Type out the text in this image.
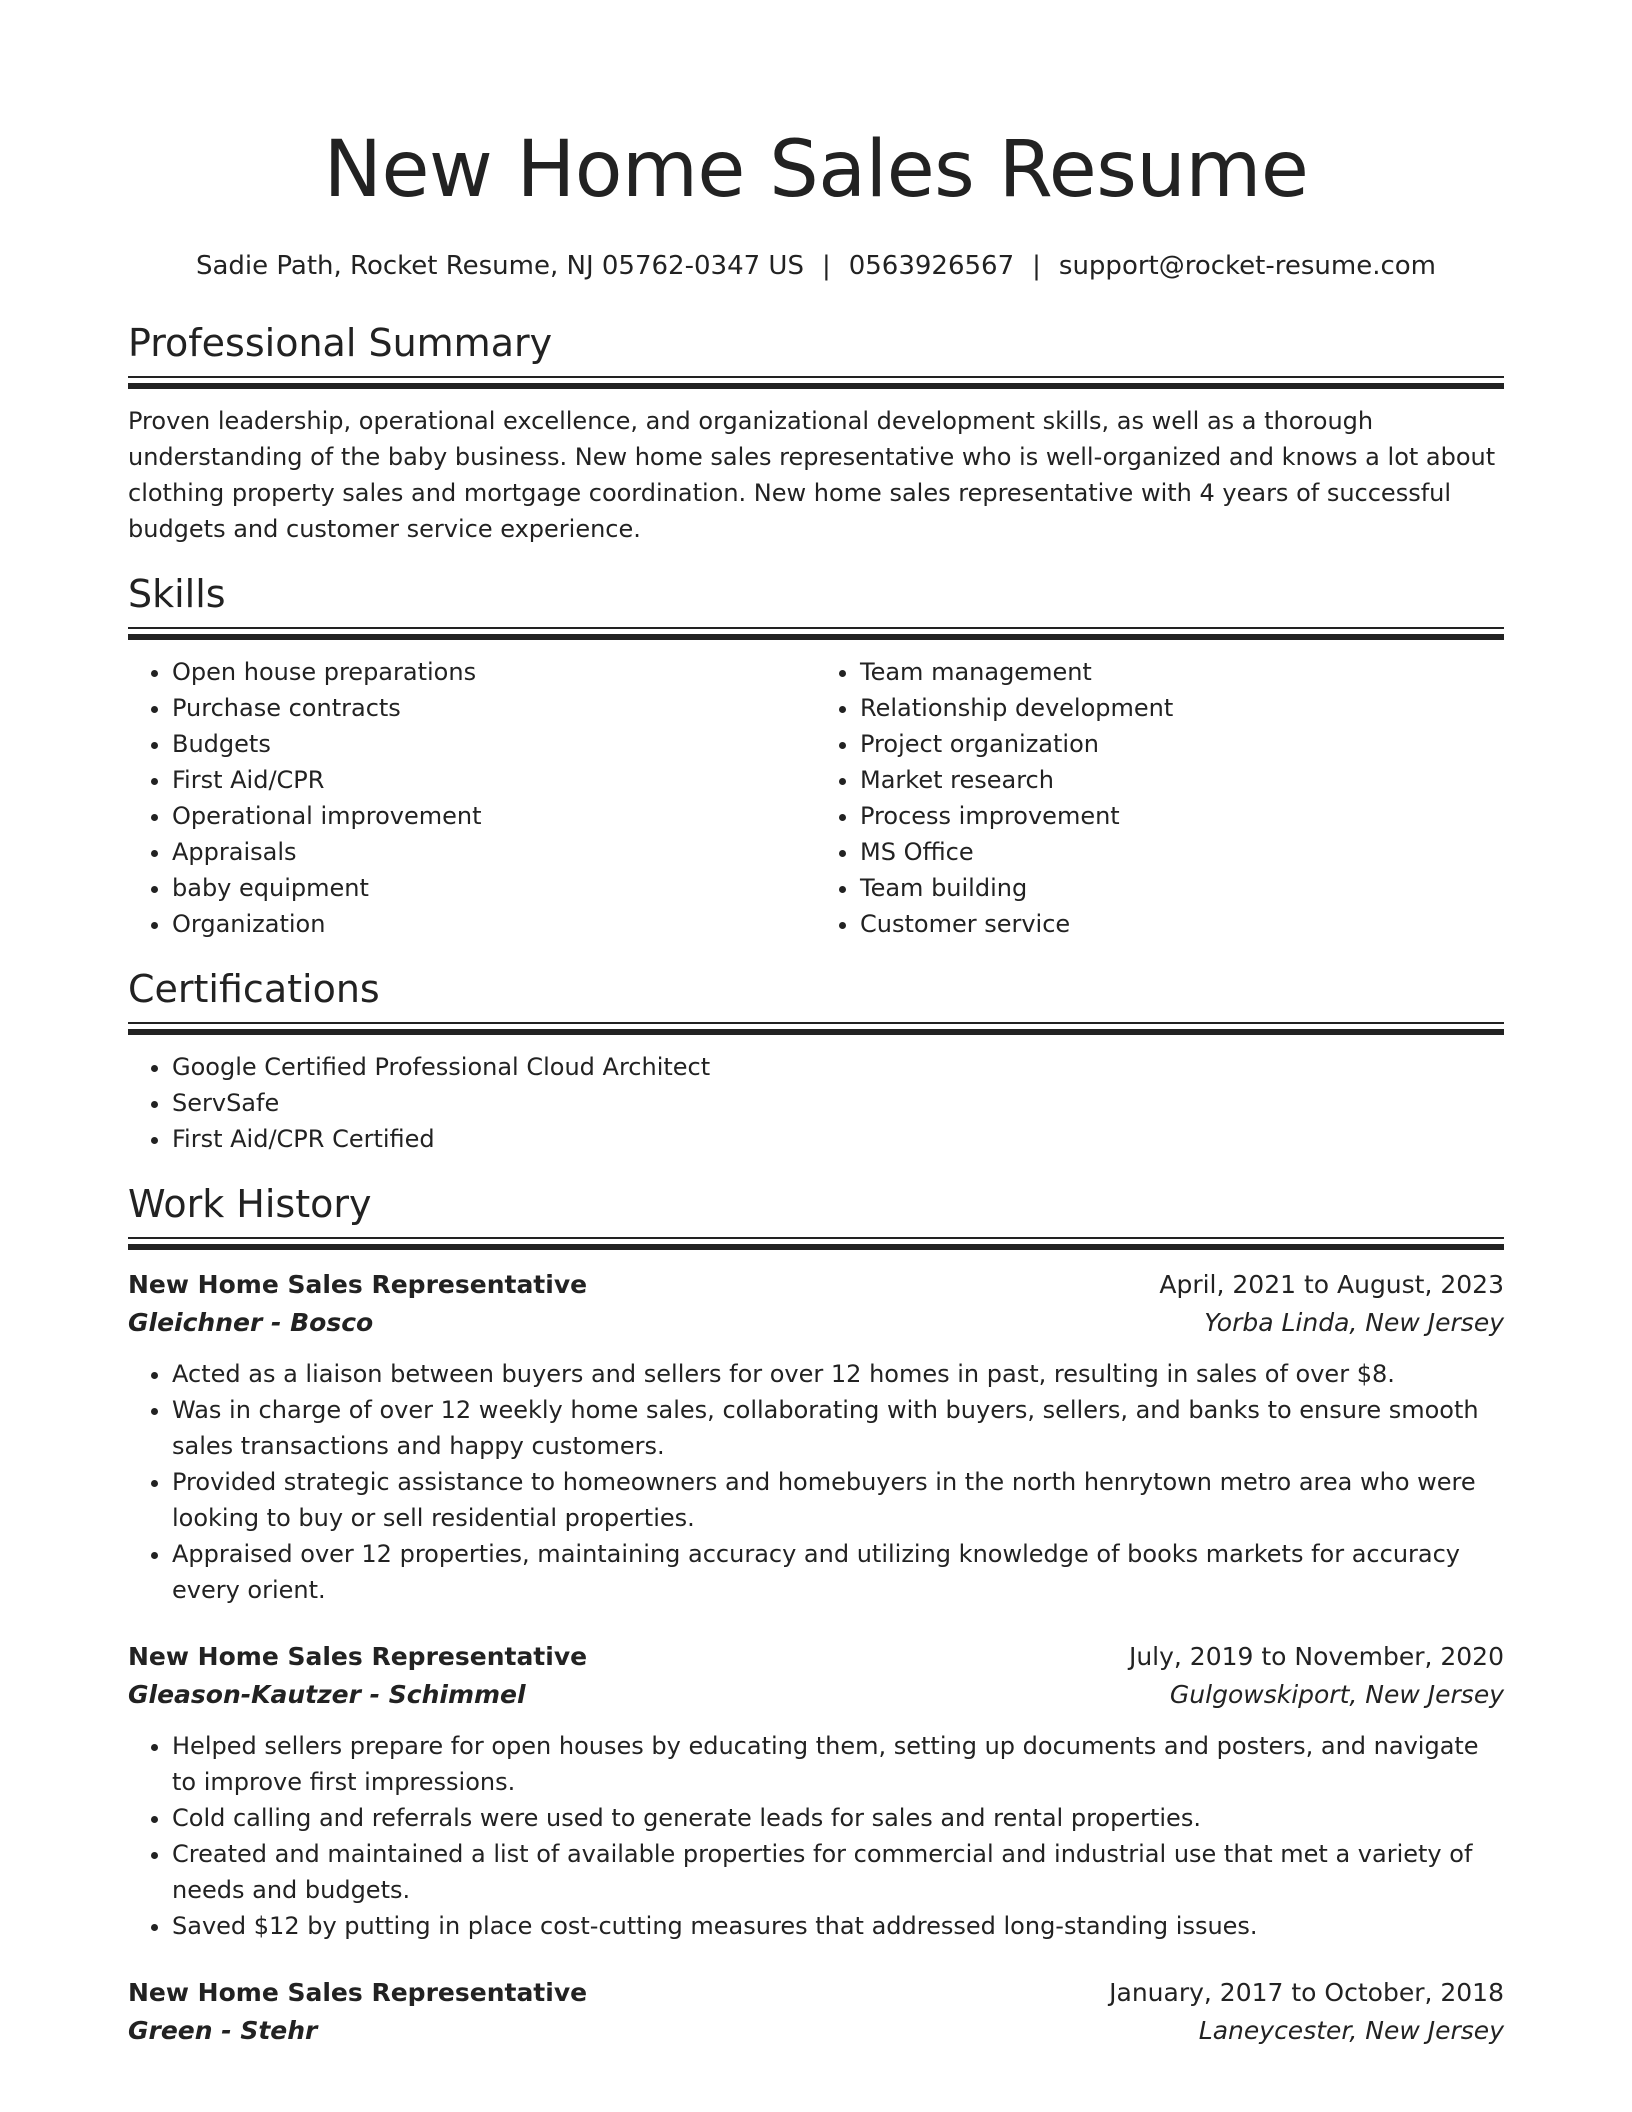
New Home Sales Resume
Sadie Path, Rocket Resume, NJ 05762-0347 US | 0563926567 | support@rocket-resume.com
Professional Summary

Proven leadership, operational excellence, and organizational development skills, as well as a thorough understanding of the baby business. New home sales representative who is well-organized and knows a lot about clothing property sales and mortgage coordination. New home sales representative with 4 years of successful budgets and customer service experience.

Skills
• Open house preparations
• Purchase contracts
• Budgets
• First Aid/CPR
• Operational improvement
• Appraisals
• baby equipment
• Organization
• Team management
• Relationship development
• Project organization
• Market research
• Process improvement
• MS Office
• Team building
• Customer service
Certifications
• Google Certified Professional Cloud Architect
• ServSafe
• First Aid/CPR Certified
Work History
New Home Sales Representative	April, 2021 to August, 2023
Gleichner - Bosco	Yorba Linda, New Jersey
• Acted as a liaison between buyers and sellers for over 12 homes in past, resulting in sales of over $8.
• Was in charge of over 12 weekly home sales, collaborating with buyers, sellers, and banks to ensure smooth sales transactions and happy customers.
• Provided strategic assistance to homeowners and homebuyers in the north henrytown metro area who were looking to buy or sell residential properties.
• Appraised over 12 properties, maintaining accuracy and utilizing knowledge of books markets for accuracy every orient.
New Home Sales Representative	July, 2019 to November, 2020
Gleason-Kautzer - Schimmel	Gulgowskiport, New Jersey
• Helped sellers prepare for open houses by educating them, setting up documents and posters, and navigate to improve first impressions.
• Cold calling and referrals were used to generate leads for sales and rental properties.
• Created and maintained a list of available properties for commercial and industrial use that met a variety of needs and budgets.
• Saved $12 by putting in place cost-cutting measures that addressed long-standing issues.
New Home Sales Representative	January, 2017 to October, 2018
Green - Stehr	Laneycester, New Jersey
